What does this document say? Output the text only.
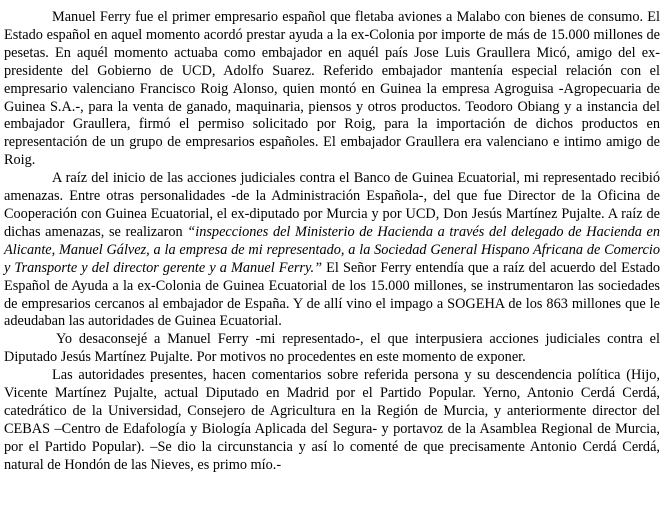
Manuel Ferry fue el primer empresario español que fletaba aviones a Malabo con bienes de consumo. El Estado español en aquel momento acordó prestar ayuda a la ex-Colonia por importe de más de 15.000 millones de pesetas. En aquél momento actuaba como embajador en aquél país Jose Luis Graullera Micó, amigo del ex-presidente del Gobierno de UCD, Adolfo Suarez. Referido embajador mantenía especial relación con el empresario valenciano Francisco Roig Alonso, quien montó en Guinea la empresa Agroguisa -Agropecuaria de Guinea S.A.-, para la venta de ganado, maquinaria, piensos y otros productos. Teodoro Obiang y a instancia del embajador Graullera, firmó el permiso solicitado por Roig, para la importación de dichos productos en representación de un grupo de empresarios españoles. El embajador Graullera era valenciano e intimo amigo de Roig.

A raíz del inicio de las acciones judiciales contra el Banco de Guinea Ecuatorial, mi representado recibió amenazas. Entre otras personalidades -de la Administración Española-, del que fue Director de la Oficina de Cooperación con Guinea Ecuatorial, el ex-diputado por Murcia y por UCD, Don Jesús Martínez Pujalte. A raíz de dichas amenazas, se realizaron “inspecciones del Ministerio de Hacienda a través del delegado de Hacienda en Alicante, Manuel Gálvez, a la empresa de mi representado, a la Sociedad General Hispano Africana de Comercio y Transporte y del director gerente y a Manuel Ferry.” El Señor Ferry entendía que a raíz del acuerdo del Estado Español de Ayuda a la ex-Colonia de Guinea Ecuatorial de los 15.000 millones, se instrumentaron las sociedades de empresarios cercanos al embajador de España. Y de allí vino el impago a SOGEHA de los 863 millones que le adeudaban las autoridades de Guinea Ecuatorial.

Yo desaconsejé a Manuel Ferry -mi representado-, el que interpusiera acciones judiciales contra el Diputado Jesús Martínez Pujalte. Por motivos no procedentes en este momento de exponer.

Las autoridades presentes, hacen comentarios sobre referida persona y su descendencia política (Hijo, Vicente Martínez Pujalte, actual Diputado en Madrid por el Partido Popular. Yerno, Antonio Cerdá Cerdá, catedrático de la Universidad, Consejero de Agricultura en la Región de Murcia, y anteriormente director del CEBAS –Centro de Edafología y Biología Aplicada del Segura- y portavoz de la Asamblea Regional de Murcia, por el Partido Popular). –Se dio la circunstancia y así lo comenté de que precisamente Antonio Cerdá Cerdá, natural de Hondón de las Nieves, es primo mío.-
